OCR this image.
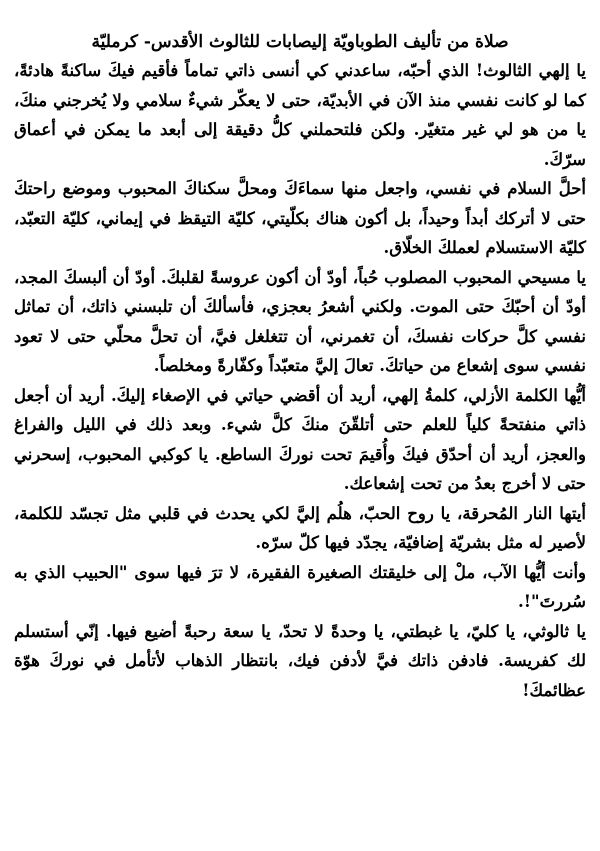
صلاة من تأليف الطوباويّة إليصابات للثالوث الأقدس- كرمليّة

يا إلهي الثالوث! الذي أحبّه، ساعدني كي أنسى ذاتي تماماً فأقيم فيكَ ساكنةً هادئةً، كما لو كانت نفسي منذ الآن في الأبديّة، حتى لا يعكّر شيءٌ سلامي ولا يُخرجني منكَ، يا من هو لي غير متغيّر. ولكن فلتحملني كلُّ دقيقة إلى أبعد ما يمكن في أعماق سرّكَ.

أحلَّ السلام في نفسي، واجعل منها سماءَكَ ومحلَّ سكناكَ المحبوب وموضع راحتكَ حتى لا أتركك أبداً وحيداً، بل أكون هناك بكلّيتي، كليّة التيقظ في إيماني، كليّة التعبّد، كليّة الاستسلام لعملكَ الخلّاق.

يا مسيحي المحبوب المصلوب حُباً، أودّ أن أكون عروسةً لقلبكَ. أودّ أن ألبسكَ المجد، أودّ أن أحبّكَ حتى الموت. ولكني أشعرُ بعجزي، فأسألكَ أن تلبسني ذاتك، أن تماثل نفسي كلَّ حركات نفسكَ، أن تغمرني، أن تتغلغل فيَّ، أن تحلَّ محلّي حتى لا تعود نفسي سوى إشعاع من حياتكَ. تعالَ إليَّ متعبّداً وكفّارةً ومخلصاً.

أيُّها الكلمة الأزلي، كلمةُ إلهي، أريد أن أقضي حياتي في الإصغاء إليكَ. أريد أن أجعل ذاتي منفتحةً كلياً للعلم حتى أتلقّنَ منكَ كلَّ شيء. وبعد ذلك في الليل والفراغ والعجز، أريد أن أحدّق فيكَ وأُقيمَ تحت نوركَ الساطع. يا كوكبي المحبوب، إسحرني حتى لا أخرج بعدُ من تحت إشعاعك.

أيتها النار المُحرقة، يا روح الحبّ، هلُم إليَّ لكي يحدث في قلبي مثل تجسّد للكلمة، لأصير له مثل بشريّة إضافيّة، يجدّد فيها كلّ سرّه.

وأنت أيُّها الآب، ملْ إلى خليقتك الصغيرة الفقيرة، لا ترَ فيها سوى "الحبيب الذي به سُررتَ"!.

يا ثالوثي، يا كليّ، يا غبطتي، يا وحدةً لا تحدّ، يا سعة رحبةً أضيع فيها. إنّي أستسلم لك كفريسة. فادفن ذاتك فيَّ لأدفن فيك، بانتظار الذهاب لأتأمل في نوركَ هوّة عظائمكَ!
